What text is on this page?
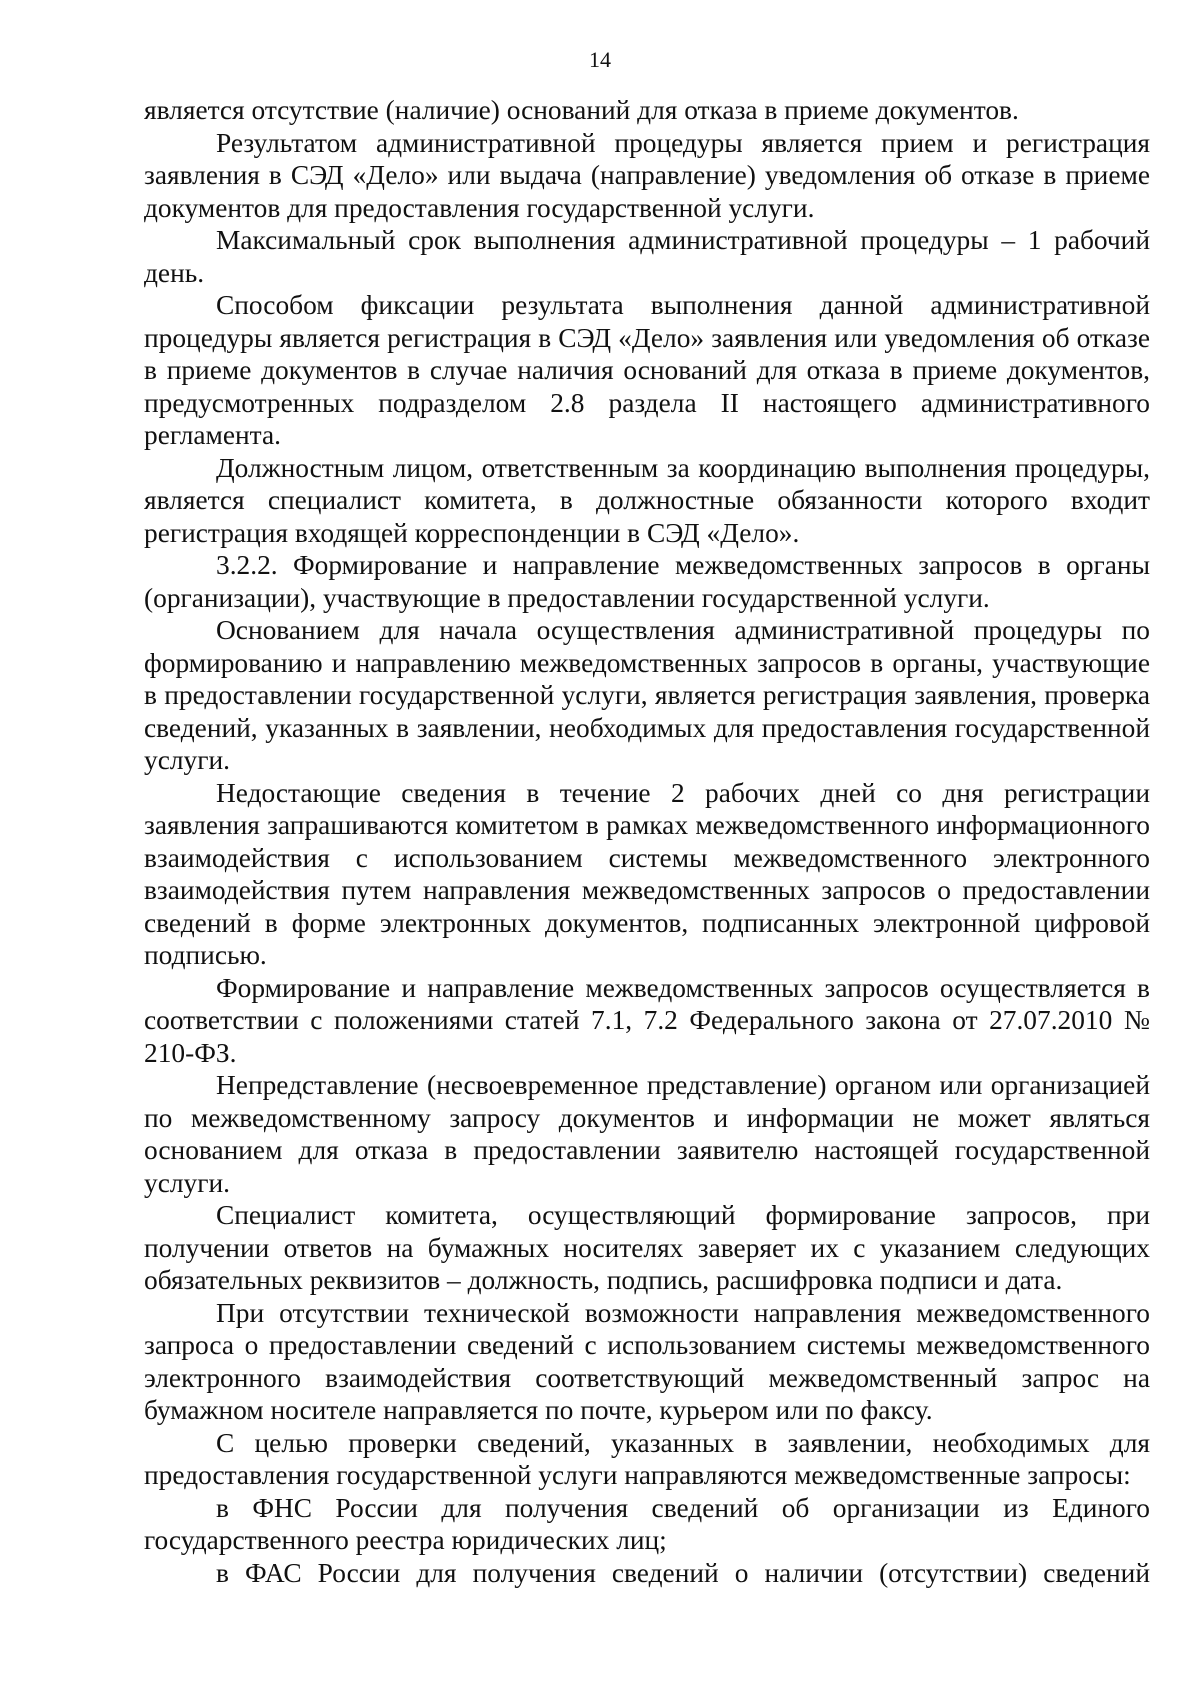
14

является отсутствие (наличие) оснований для отказа в приеме документов.

Результатом административной процедуры является прием и регистрация заявления в СЭД «Дело» или выдача (направление) уведомления об отказе в приеме документов для предоставления государственной услуги.

Максимальный срок выполнения административной процедуры – 1 рабочий день.

Способом фиксации результата выполнения данной административной процедуры является регистрация в СЭД «Дело» заявления или уведомления об отказе в приеме документов в случае наличия оснований для отказа в приеме документов, предусмотренных подразделом 2.8 раздела II настоящего административного регламента.

Должностным лицом, ответственным за координацию выполнения процедуры, является специалист комитета, в должностные обязанности которого входит регистрация входящей корреспонденции в СЭД «Дело».

3.2.2. Формирование и направление межведомственных запросов в органы (организации), участвующие в предоставлении государственной услуги.

Основанием для начала осуществления административной процедуры по формированию и направлению межведомственных запросов в органы, участвующие в предоставлении государственной услуги, является регистрация заявления, проверка сведений, указанных в заявлении, необходимых для предоставления государственной услуги.

Недостающие сведения в течение 2 рабочих дней со дня регистрации заявления запрашиваются комитетом в рамках межведомственного информационного взаимодействия с использованием системы межведомственного электронного взаимодействия путем направления межведомственных запросов о предоставлении сведений в форме электронных документов, подписанных электронной цифровой подписью.

Формирование и направление межведомственных запросов осуществляется в соответствии с положениями статей 7.1, 7.2 Федерального закона от 27.07.2010 № 210-ФЗ.

Непредставление (несвоевременное представление) органом или организацией по межведомственному запросу документов и информации не может являться основанием для отказа в предоставлении заявителю настоящей государственной услуги.

Специалист комитета, осуществляющий формирование запросов, при получении ответов на бумажных носителях заверяет их с указанием следующих обязательных реквизитов – должность, подпись, расшифровка подписи и дата.

При отсутствии технической возможности направления межведомственного запроса о предоставлении сведений с использованием системы межведомственного электронного взаимодействия соответствующий межведомственный запрос на бумажном носителе направляется по почте, курьером или по факсу.

С целью проверки сведений, указанных в заявлении, необходимых для предоставления государственной услуги направляются межведомственные запросы:

в ФНС России для получения сведений об организации из Единого государственного реестра юридических лиц;

в ФАС России для получения сведений о наличии (отсутствии) сведений
